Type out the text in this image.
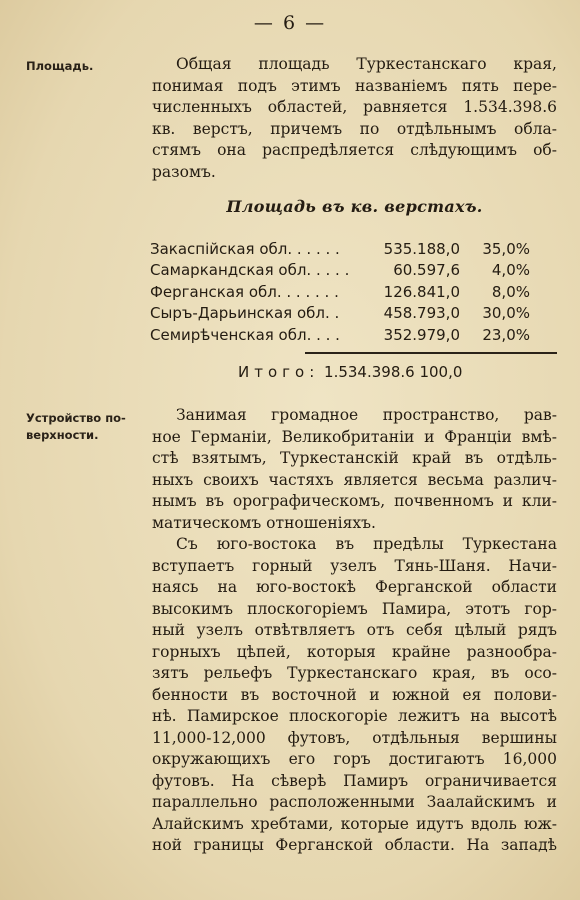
— 6 —
Площадь.
Устройство по-
верхности.

Общая площадь Туркестанскаго края,
понимая подъ этимъ названіемъ пять пере-
численныхъ областей, равняется 1.534.398.6
кв. верстъ, причемъ по отдѣльнымъ обла-
стямъ она распредѣляется слѣдующимъ об-
разомъ.

Площадь въ кв. верстахъ.
Закаспійская обл. . . . . .	535.188,0	35,0%
Самаркандская обл. . . . .	60.597,6	4,0%
Ферганская обл. . . . . . .	126.841,0	8,0%
Сыръ-Дарьинская обл. .	458.793,0	30,0%
Семирѣченская обл. . . .	352.979,0	23,0%
Итого: 1.534.398.6 100,0

Занимая громадное пространство, рав-
ное Германіи, Великобританіи и Франціи вмѣ-
стѣ взятымъ, Туркестанскій край въ отдѣль-
ныхъ своихъ частяхъ является весьма различ-
нымъ въ орографическомъ, почвенномъ и кли-
матическомъ отношеніяхъ.

Съ юго-востока въ предѣлы Туркестана
вступаетъ горный узелъ Тянь-Шаня. Начи-
наясь на юго-востокѣ Ферганской области
высокимъ плоскогоріемъ Памира, этотъ гор-
ный узелъ отвѣтвляетъ отъ себя цѣлый рядъ
горныхъ цѣпей, которыя крайне разнообра-
зятъ рельефъ Туркестанскаго края, въ осо-
бенности въ восточной и южной ея полови-
нѣ. Памирское плоскогоріе лежитъ на высотѣ
11,000-12,000 футовъ, отдѣльныя вершины
окружающихъ его горъ достигаютъ 16,000
футовъ. На сѣверѣ Памиръ ограничивается
параллельно расположенными Заалайскимъ и
Алайскимъ хребтами, которые идутъ вдоль юж-
ной границы Ферганской области. На западѣ
